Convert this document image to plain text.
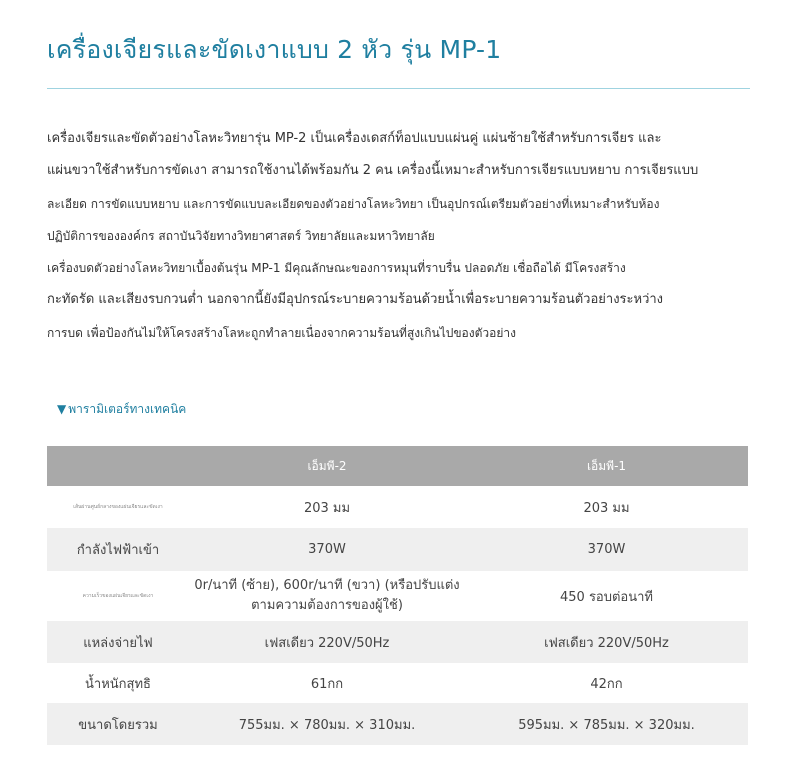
เครื่องเจียรและขัดเงาแบบ 2 หัว รุ่น MP-1

เครื่องเจียรและขัดตัวอย่างโลหะวิทยารุ่น MP-2 เป็นเครื่องเดสก์ท็อปแบบแผ่นคู่ แผ่นซ้ายใช้สำหรับการเจียร และ

แผ่นขวาใช้สำหรับการขัดเงา สามารถใช้งานได้พร้อมกัน 2 คน เครื่องนี้เหมาะสำหรับการเจียรแบบหยาบ การเจียรแบบ

ละเอียด การขัดแบบหยาบ และการขัดแบบละเอียดของตัวอย่างโลหะวิทยา เป็นอุปกรณ์เตรียมตัวอย่างที่เหมาะสำหรับห้อง

ปฏิบัติการขององค์กร สถาบันวิจัยทางวิทยาศาสตร์ วิทยาลัยและมหาวิทยาลัย

เครื่องบดตัวอย่างโลหะวิทยาเบื้องต้นรุ่น MP-1 มีคุณลักษณะของการหมุนที่ราบรื่น ปลอดภัย เชื่อถือได้ มีโครงสร้าง

กะทัดรัด และเสียงรบกวนต่ำ นอกจากนี้ยังมีอุปกรณ์ระบายความร้อนด้วยน้ำเพื่อระบายความร้อนตัวอย่างระหว่าง

การบด เพื่อป้องกันไม่ให้โครงสร้างโลหะถูกทำลายเนื่องจากความร้อนที่สูงเกินไปของตัวอย่าง

▼ พารามิเตอร์ทางเทคนิค
	เอ็มพี-2	เอ็มพี-1
เส้นผ่านศูนย์กลางของแผ่นเจียรและขัดเงา	203 มม	203 มม
กำลังไฟฟ้าเข้า	370W	370W
ความเร็วของแผ่นเจียรและขัดเงา	0r/นาที (ซ้าย), 600r/นาที (ขวา) (หรือปรับแต่ง
ตามความต้องการของผู้ใช้)	450 รอบต่อนาที
แหล่งจ่ายไฟ	เฟสเดียว 220V/50Hz	เฟสเดียว 220V/50Hz
น้ำหนักสุทธิ	61กก	42กก
ขนาดโดยรวม	755มม. × 780มม. × 310มม.	595มม. × 785มม. × 320มม.
